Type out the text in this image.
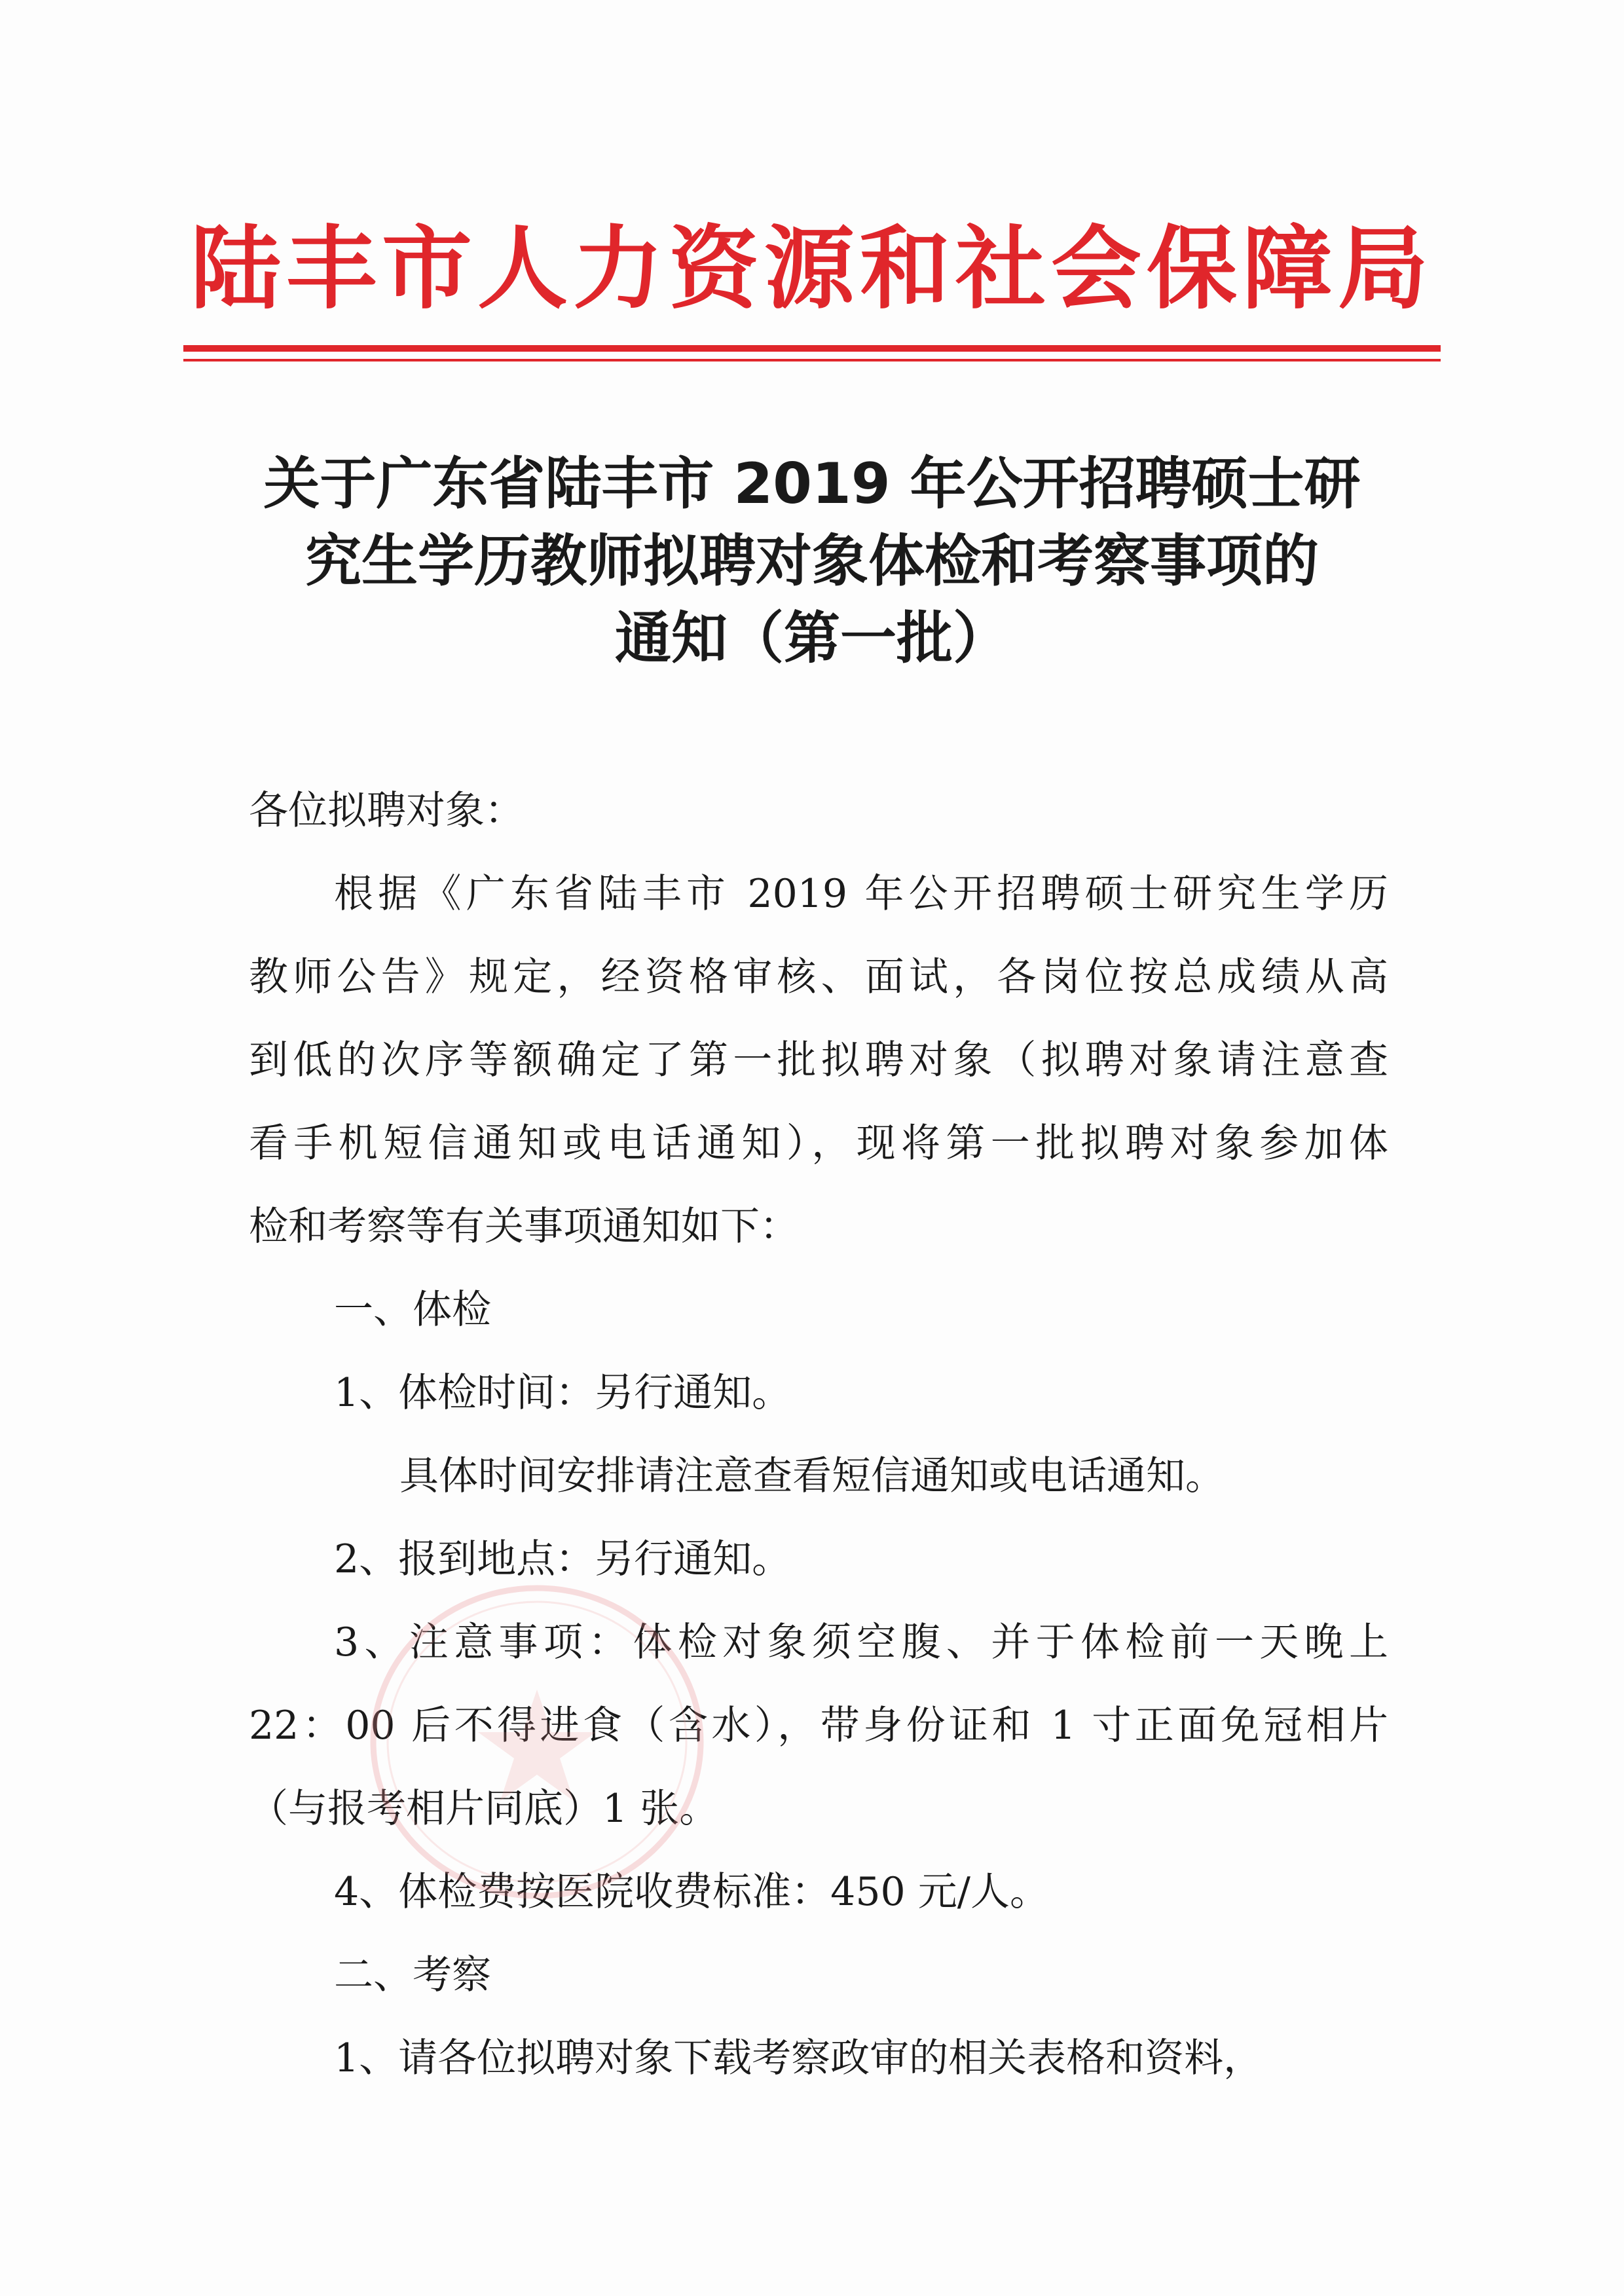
陆丰市人力资源和社会保障局
关于广东省陆丰市 2019 年公开招聘硕士研
究生学历教师拟聘对象体检和考察事项的
通知（第一批）
各位拟聘对象：
根据《广东省陆丰市 2019 年公开招聘硕士研究生学历
教师公告》规定，经资格审核、面试，各岗位按总成绩从高
到低的次序等额确定了第一批拟聘对象（拟聘对象请注意查
看手机短信通知或电话通知），现将第一批拟聘对象参加体
检和考察等有关事项通知如下：
一、体检
1、体检时间：另行通知。
具体时间安排请注意查看短信通知或电话通知。
2、报到地点：另行通知。
3、注意事项：体检对象须空腹、并于体检前一天晚上
22：00 后不得进食（含水），带身份证和 1 寸正面免冠相片
（与报考相片同底）1 张。
4、体检费按医院收费标准：450 元/人。
二、考察
1、请各位拟聘对象下载考察政审的相关表格和资料，
